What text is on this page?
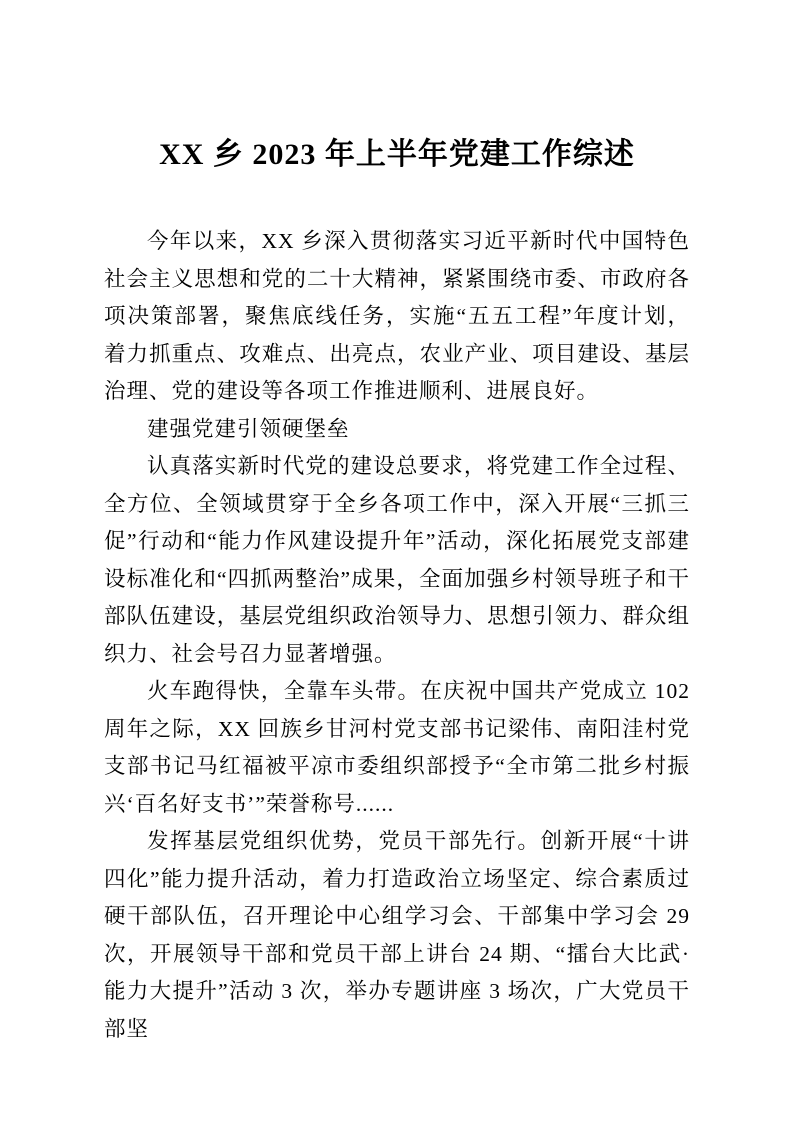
XX 乡 2023 年上半年党建工作综述

今年以来，XX 乡深入贯彻落实习近平新时代中国特色社会主义思想和党的二十大精神，紧紧围绕市委、市政府各项决策部署，聚焦底线任务，实施“五五工程”年度计划， 着力抓重点、攻难点、出亮点，农业产业、项目建设、基层治理、党的建设等各项工作推进顺利、进展良好。

建强党建引领硬堡垒

认真落实新时代党的建设总要求，将党建工作全过程、全方位、全领域贯穿于全乡各项工作中，深入开展“三抓三促”行动和“能力作风建设提升年”活动，深化拓展党支部建设标准化和“四抓两整治”成果，全面加强乡村领导班子和干部队伍建设，基层党组织政治领导力、思想引领力、群众组织力、社会号召力显著增强。

火车跑得快，全靠车头带。在庆祝中国共产党成立 102 周年之际，XX 回族乡甘河村党支部书记梁伟、南阳洼村党支部书记马红福被平凉市委组织部授予“全市第二批乡村振兴‘百名好支书’”荣誉称号......

发挥基层党组织优势，党员干部先行。创新开展“十讲四化”能力提升活动，着力打造政治立场坚定、综合素质过硬干部队伍，召开理论中心组学习会、干部集中学习会 29 次，开展领导干部和党员干部上讲台 24 期、“擂台大比武·能力大提升”活动 3 次，举办专题讲座 3 场次，广大党员干部坚
